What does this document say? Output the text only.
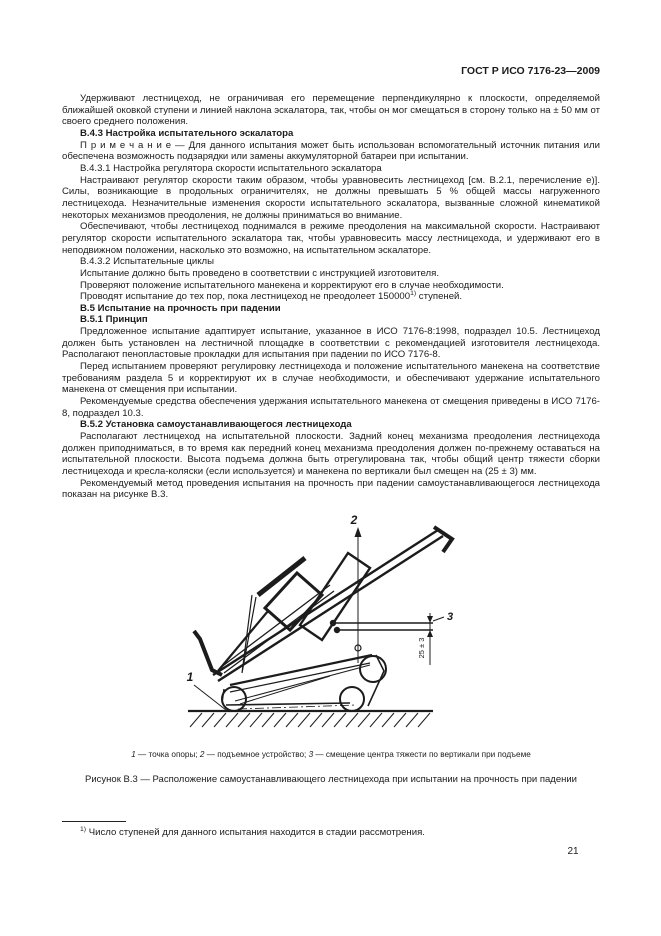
ГОСТ Р ИСО 7176-23—2009

Удерживают лестницеход, не ограничивая его перемещение перпендикулярно к плоскости, определяемой ближайшей оковкой ступени и линией наклона эскалатора, так, чтобы он мог смещаться в сторону только на ± 50 мм от своего среднего положения.

В.4.3 Настройка испытательного эскалатора

П р и м е ч а н и е — Для данного испытания может быть использован вспомогательный источник питания или обеспечена возможность подзарядки или замены аккумуляторной батареи при испытании.

В.4.3.1 Настройка регулятора скорости испытательного эскалатора

Настраивают регулятор скорости таким образом, чтобы уравновесить лестницеход [см. В.2.1, перечисление е)]. Силы, возникающие в продольных ограничителях, не должны превышать 5 % общей массы нагруженного лестницехода. Незначительные изменения скорости испытательного эскалатора, вызванные сложной кинематикой некоторых механизмов преодоления, не должны приниматься во внимание.

Обеспечивают, чтобы лестницеход поднимался в режиме преодоления на максимальной скорости. Настраивают регулятор скорости испытательного эскалатора так, чтобы уравновесить массу лестницехода, и удерживают его в неподвижном положении, насколько это возможно, на испытательном эскалаторе.

В.4.3.2 Испытательные циклы

Испытание должно быть проведено в соответствии с инструкцией изготовителя.

Проверяют положение испытательного манекена и корректируют его в случае необходимости.

Проводят испытание до тех пор, пока лестницеход не преодолеет 150000$^{1)}$ ступеней.

В.5 Испытание на прочность при падении

В.5.1 Принцип

Предложенное испытание адаптирует испытание, указанное в ИСО 7176-8:1998, подраздел 10.5. Лестницеход должен быть установлен на лестничной площадке в соответствии с рекомендацией изготовителя лестницехода. Располагают пенопластовые прокладки для испытания при падении по ИСО 7176-8.

Перед испытанием проверяют регулировку лестницехода и положение испытательного манекена на соответствие требованиям раздела 5 и корректируют их в случае необходимости, и обеспечивают удержание испытательного манекена от смещения при испытании.

Рекомендуемые средства обеспечения удержания испытательного манекена от смещения приведены в ИСО 7176-8, подраздел 10.3.

В.5.2 Установка самоустанавливающегося лестницехода

Располагают лестницеход на испытательной плоскости. Задний конец механизма преодоления лестницехода должен приподниматься, в то время как передний конец механизма преодоления должен по-прежнему оставаться на испытательной плоскости. Высота подъема должна быть отрегулирована так, чтобы общий центр тяжести сборки лестницехода и кресла-коляски (если используется) и манекена по вертикали был смещен на (25 ± 3) мм.

Рекомендуемый метод проведения испытания на прочность при падении самоустанавливающегося лестницехода показан на рисунке В.3.

2
3
25 ± 3
1
1 — точка опоры; 2 — подъемное устройство; 3 — смещение центра тяжести по вертикали при подъеме
Рисунок В.3 — Расположение самоустанавливающего лестницехода при испытании на прочность при падении

$^{1)}$ Число ступеней для данного испытания находится в стадии рассмотрения.

21
